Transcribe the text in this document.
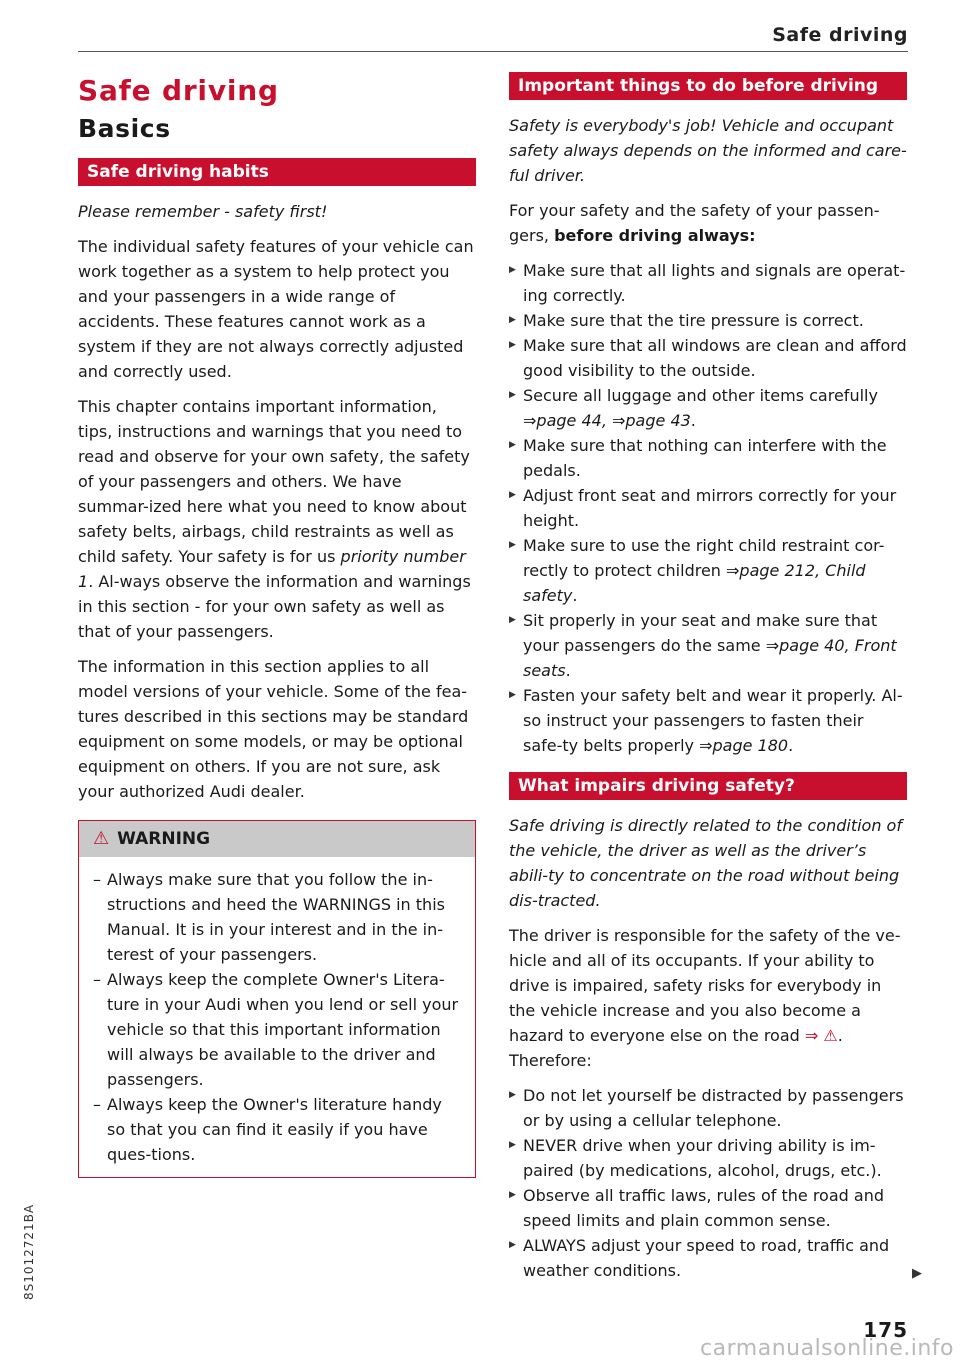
Safe driving
8S1012721BA
Safe driving
Basics
Safe driving habits

Please remember - safety first!

The individual safety features of your vehicle can work together as a system to help protect you and your passengers in a wide range of accidents. These features cannot work as a system if they are not always correctly adjusted and correctly used.

This chapter contains important information, tips, instructions and warnings that you need to read and observe for your own safety, the safety of your passengers and others. We have summar-ized here what you need to know about safety belts, airbags, child restraints as well as child safety. Your safety is for us priority number 1. Al-ways observe the information and warnings in this section - for your own safety as well as that of your passengers.

The information in this section applies to all model versions of your vehicle. Some of the fea-tures described in this sections may be standard equipment on some models, or may be optional equipment on others. If you are not sure, ask your authorized Audi dealer.

⚠ WARNING
– Always make sure that you follow the in-structions and heed the WARNINGS in this Manual. It is in your interest and in the in-terest of your passengers.
– Always keep the complete Owner's Litera-ture in your Audi when you lend or sell your vehicle so that this important information will always be available to the driver and passengers.
– Always keep the Owner's literature handy so that you can find it easily if you have ques-tions.
Important things to do before driving

Safety is everybody's job! Vehicle and occupant safety always depends on the informed and care-ful driver.

For your safety and the safety of your passen-gers, before driving always:

▶ Make sure that all lights and signals are operat-ing correctly.
▶ Make sure that the tire pressure is correct.
▶ Make sure that all windows are clean and afford good visibility to the outside.
▶ Secure all luggage and other items carefully ⇒page 44, ⇒page 43.
▶ Make sure that nothing can interfere with the pedals.
▶ Adjust front seat and mirrors correctly for your height.
▶ Make sure to use the right child restraint cor-rectly to protect children ⇒page 212, Child safety.
▶ Sit properly in your seat and make sure that your passengers do the same ⇒page 40, Front seats.
▶ Fasten your safety belt and wear it properly. Al-so instruct your passengers to fasten their safe-ty belts properly ⇒page 180.
What impairs driving safety?

Safe driving is directly related to the condition of the vehicle, the driver as well as the driver’s abili-ty to concentrate on the road without being dis-tracted.

The driver is responsible for the safety of the ve-hicle and all of its occupants. If your ability to drive is impaired, safety risks for everybody in the vehicle increase and you also become a hazard to everyone else on the road ⇒ ⚠. Therefore:

▶ Do not let yourself be distracted by passengers or by using a cellular telephone.
▶ NEVER drive when your driving ability is im-paired (by medications, alcohol, drugs, etc.).
▶ Observe all traffic laws, rules of the road and speed limits and plain common sense.
▶ ALWAYS adjust your speed to road, traffic and weather conditions.	▶
175
carmanualsonline.info
